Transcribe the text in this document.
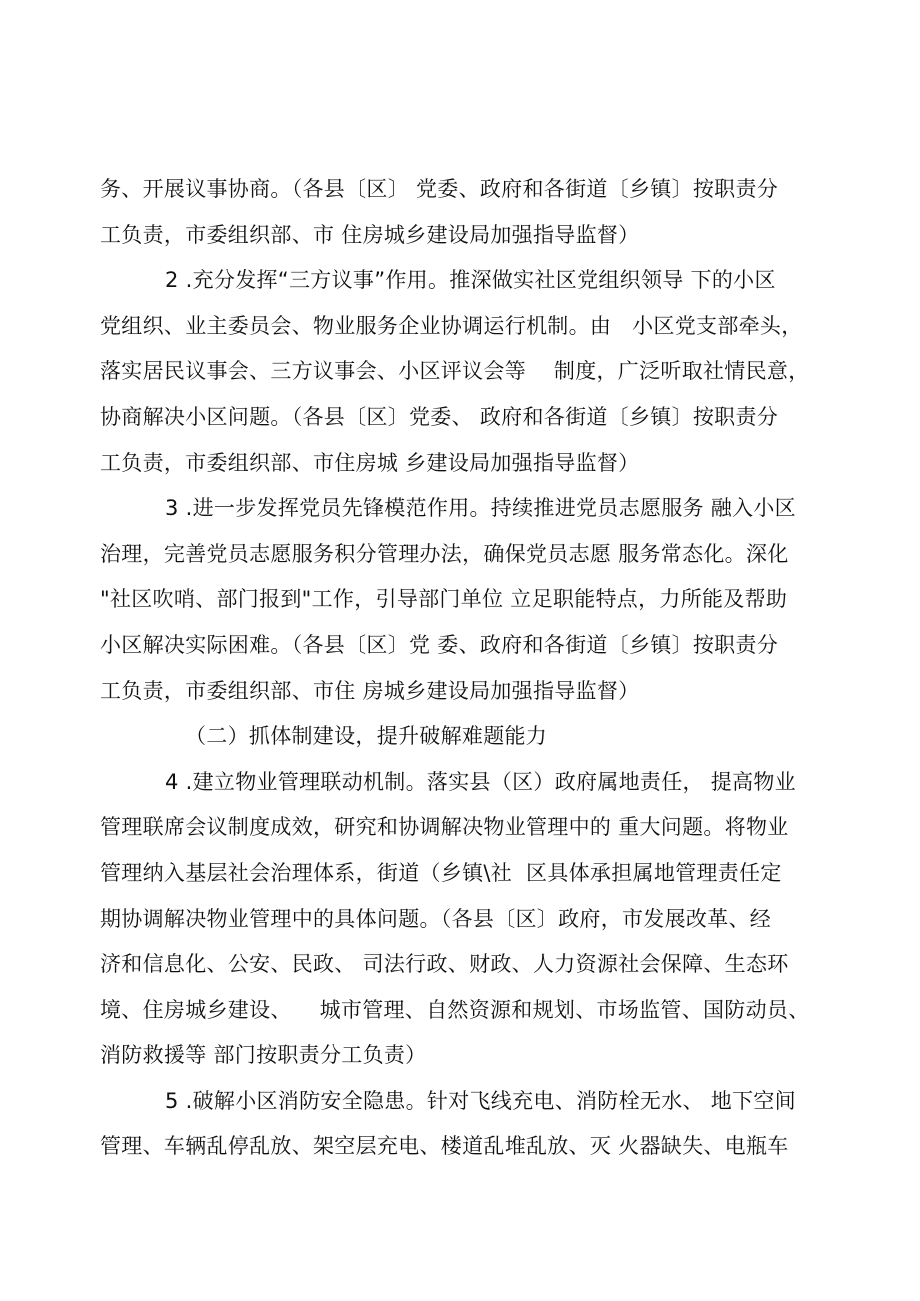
务、开展议事协商。（各县〔区〕 党委、政府和各街道〔乡镇〕按职责分
工负责，市委组织部、市 住房城乡建设局加强指导监督）
2 .充分发挥“三方议事”作用。推深做实社区党组织领导 下的小区
党组织、业主委员会、物业服务企业协调运行机制。由   小区党支部牵头，
落实居民议事会、三方议事会、小区评议会等    制度，广泛听取社情民意，
协商解决小区问题。（各县〔区〕党委、 政府和各街道〔乡镇〕按职责分
工负责，市委组织部、市住房城 乡建设局加强指导监督）
3 .进一步发挥党员先锋模范作用。持续推进党员志愿服务 融入小区
治理，完善党员志愿服务积分管理办法，确保党员志愿 服务常态化。深化
"社区吹哨、部门报到"工作，引导部门单位 立足职能特点，力所能及帮助
小区解决实际困难。（各县〔区〕党 委、政府和各街道〔乡镇〕按职责分
工负责，市委组织部、市住 房城乡建设局加强指导监督）
（二）抓体制建设，提升破解难题能力
4 .建立物业管理联动机制。落实县（区）政府属地责任， 提高物业
管理联席会议制度成效，研究和协调解决物业管理中的 重大问题。将物业
管理纳入基层社会治理体系，街道（乡镇\社  区具体承担属地管理责任定
期协调解决物业管理中的具体问题。（各县〔区〕政府，市发展改革、经
济和信息化、公安、民政、 司法行政、财政、人力资源社会保障、生态环
境、住房城乡建设、    城市管理、自然资源和规划、市场监管、国防动员、
消防救援等 部门按职责分工负责）
5 .破解小区消防安全隐患。针对飞线充电、消防栓无水、 地下空间
管理、车辆乱停乱放、架空层充电、楼道乱堆乱放、灭 火器缺失、电瓶车
